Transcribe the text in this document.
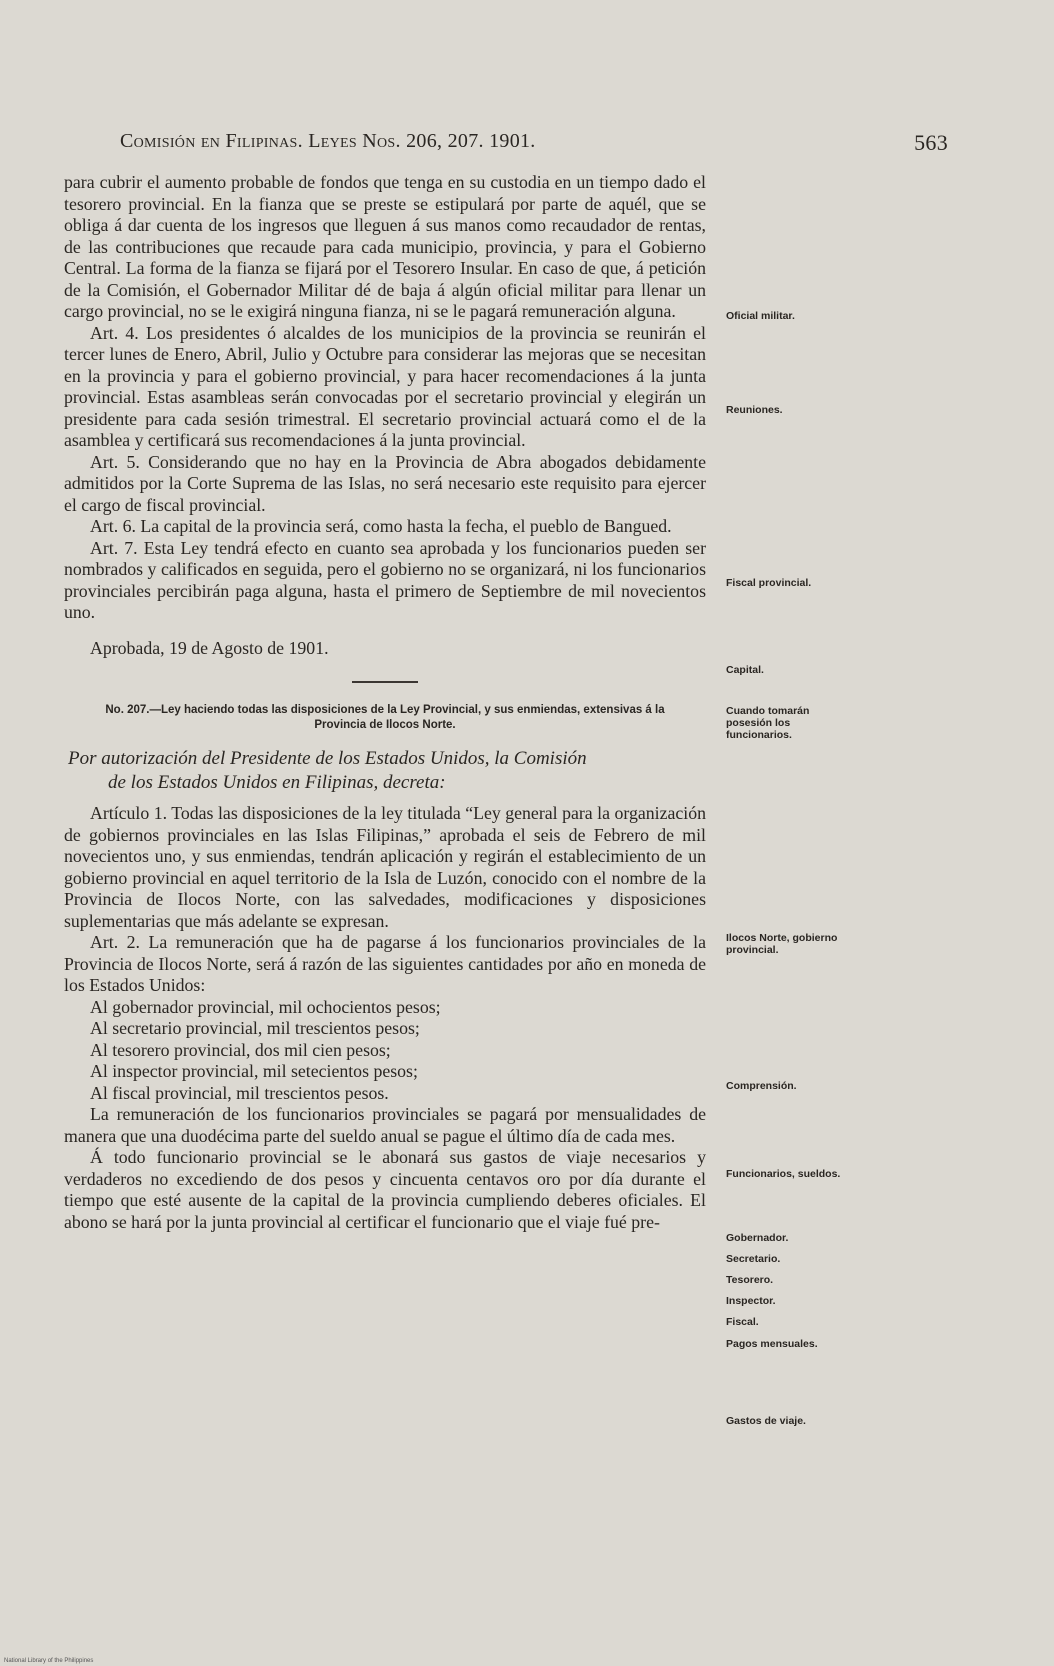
Comisión en Filipinas. Leyes Nos. 206, 207. 1901.	563

para cubrir el aumento probable de fondos que tenga en su custodia en un tiempo dado el tesorero provincial. En la fianza que se preste se estipulará por parte de aquél, que se obliga á dar cuenta de los ingresos que lleguen á sus manos como recaudador de rentas, de las contribuciones que recaude para cada municipio, provincia, y para el Gobierno Central. La forma de la fianza se fijará por el Tesorero Insular. En caso de que, á petición de la Comisión, el Gobernador Militar dé de baja á algún oficial militar para llenar un cargo provincial, no se le exigirá ninguna fianza, ni se le pagará remuneración alguna.

Art. 4. Los presidentes ó alcaldes de los municipios de la provincia se reunirán el tercer lunes de Enero, Abril, Julio y Octubre para considerar las mejoras que se necesitan en la provincia y para el gobierno provincial, y para hacer recomendaciones á la junta provincial. Estas asambleas serán convocadas por el secretario provincial y elegirán un presidente para cada sesión trimestral. El secretario provincial actuará como el de la asamblea y certificará sus recomendaciones á la junta provincial.

Art. 5. Considerando que no hay en la Provincia de Abra abogados debidamente admitidos por la Corte Suprema de las Islas, no será necesario este requisito para ejercer el cargo de fiscal provincial.

Art. 6. La capital de la provincia será, como hasta la fecha, el pueblo de Bangued.

Art. 7. Esta Ley tendrá efecto en cuanto sea aprobada y los funcionarios pueden ser nombrados y calificados en seguida, pero el gobierno no se organizará, ni los funcionarios provinciales percibirán paga alguna, hasta el primero de Septiembre de mil novecientos uno.

Aprobada, 19 de Agosto de 1901.

No. 207.—Ley haciendo todas las disposiciones de la Ley Provincial, y sus enmiendas, extensivas á la Provincia de Ilocos Norte.

Por autorización del Presidente de los Estados Unidos, la Comisión

de los Estados Unidos en Filipinas, decreta:

Artículo 1. Todas las disposiciones de la ley titulada “Ley general para la organización de gobiernos provinciales en las Islas Filipinas,” aprobada el seis de Febrero de mil novecientos uno, y sus enmiendas, tendrán aplicación y regirán el establecimiento de un gobierno provincial en aquel territorio de la Isla de Luzón, conocido con el nombre de la Provincia de Ilocos Norte, con las salvedades, modificaciones y disposiciones suplementarias que más adelante se expresan.

Art. 2. La remuneración que ha de pagarse á los funcionarios provinciales de la Provincia de Ilocos Norte, será á razón de las siguientes cantidades por año en moneda de los Estados Unidos:

Al gobernador provincial, mil ochocientos pesos;
Al secretario provincial, mil trescientos pesos;
Al tesorero provincial, dos mil cien pesos;
Al inspector provincial, mil setecientos pesos;
Al fiscal provincial, mil trescientos pesos.

La remuneración de los funcionarios provinciales se pagará por mensualidades de manera que una duodécima parte del sueldo anual se pague el último día de cada mes.

Á todo funcionario provincial se le abonará sus gastos de viaje necesarios y verdaderos no excediendo de dos pesos y cincuenta centavos oro por día durante el tiempo que esté ausente de la capital de la provincia cumpliendo deberes oficiales. El abono se hará por la junta provincial al certificar el funcionario que el viaje fué pre-

Oficial militar.
Reuniones.
Fiscal provincial.
Capital.
Cuando tomarán posesión los funcionarios.
Ilocos Norte, gobierno provincial.
Comprensión.
Funcionarios, sueldos.
Gobernador.
Secretario.
Tesorero.
Inspector.
Fiscal.
Pagos mensuales.
Gastos de viaje.
National Library of the Philippines
